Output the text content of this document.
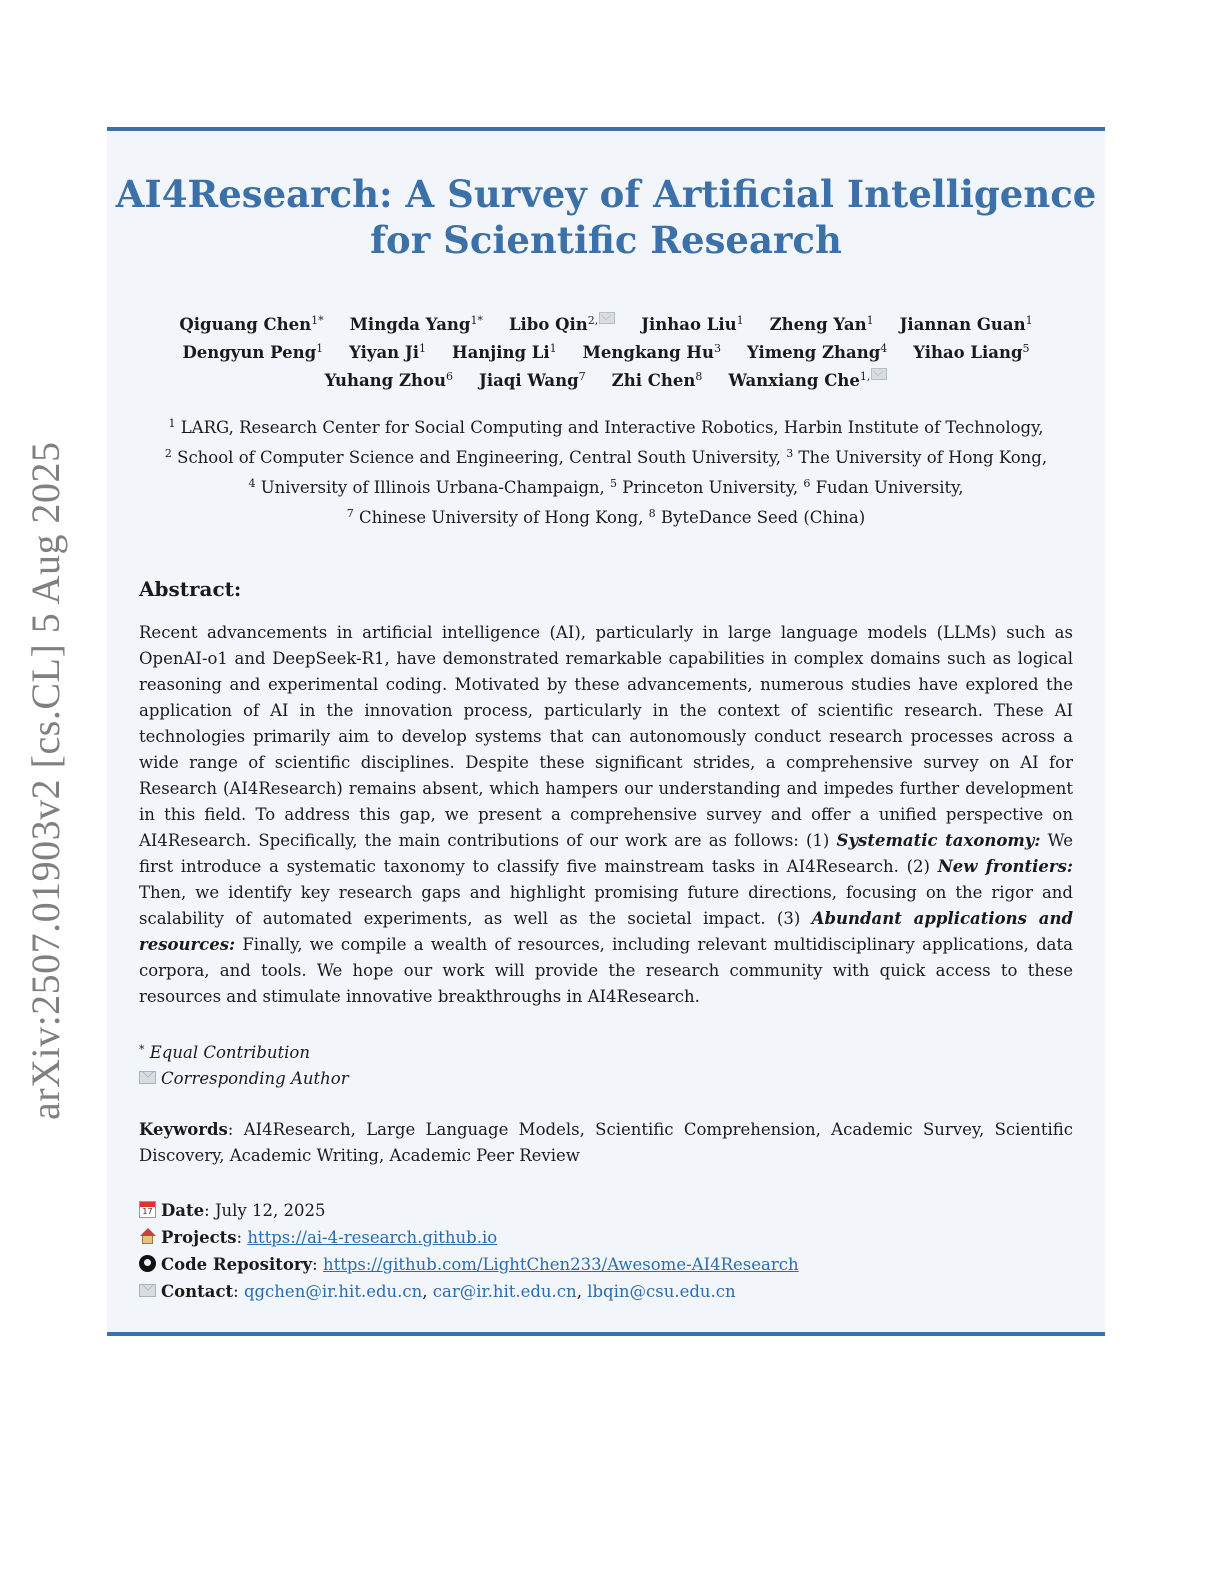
arXiv:2507.01903v2 [cs.CL] 5 Aug 2025
AI4Research: A Survey of Artificial Intelligence
for Scientific Research
Qiguang Chen$^{1*}$ Mingda Yang$^{1*}$ Libo Qin$^{2,}$	Jinhao Liu$^1$ Zheng Yan$^1$ Jiannan Guan$^1$
Dengyun Peng$^1$ Yiyan Ji$^1$ Hanjing Li$^1$ Mengkang Hu$^3$ Yimeng Zhang$^4$ Yihao Liang$^5$
Yuhang Zhou$^6$ Jiaqi Wang$^7$ Zhi Chen$^8$ Wanxiang Che$^{1,}$
$^1$ LARG, Research Center for Social Computing and Interactive Robotics, Harbin Institute of Technology,
$^2$ School of Computer Science and Engineering, Central South University, $^3$ The University of Hong Kong,
$^4$ University of Illinois Urbana-Champaign, $^5$ Princeton University, $^6$ Fudan University,
$^7$ Chinese University of Hong Kong, $^8$ ByteDance Seed (China)
Abstract:
Recent advancements in artificial intelligence (AI), particularly in large language models (LLMs) such as OpenAI-o1 and DeepSeek-R1, have demonstrated remarkable capabilities in complex domains such as logical reasoning and experimental coding. Motivated by these advancements, numerous studies have explored the application of AI in the innovation process, particularly in the context of scientific research. These AI technologies primarily aim to develop systems that can autonomously conduct research processes across a wide range of scientific disciplines. Despite these significant strides, a comprehensive survey on AI for Research (AI4Research) remains absent, which hampers our understanding and impedes further development in this field. To address this gap, we present a comprehensive survey and offer a unified perspective on AI4Research. Specifically, the main contributions of our work are as follows: (1) Systematic taxonomy: We first introduce a systematic taxonomy to classify five mainstream tasks in AI4Research. (2) New frontiers: Then, we identify key research gaps and highlight promising future directions, focusing on the rigor and scalability of automated experiments, as well as the societal impact. (3) Abundant applications and resources: Finally, we compile a wealth of resources, including relevant multidisciplinary applications, data corpora, and tools. We hope our work will provide the research community with quick access to these resources and stimulate innovative breakthroughs in AI4Research.
* Equal Contribution
Corresponding Author
Keywords: AI4Research, Large Language Models, Scientific Comprehension, Academic Survey, Scientific Discovery, Academic Writing, Academic Peer Review
17Date: July 12, 2025
Projects: https://ai-4-research.github.io
Code Repository: https://github.com/LightChen233/Awesome-AI4Research
Contact: qgchen@ir.hit.edu.cn, car@ir.hit.edu.cn, lbqin@csu.edu.cn
